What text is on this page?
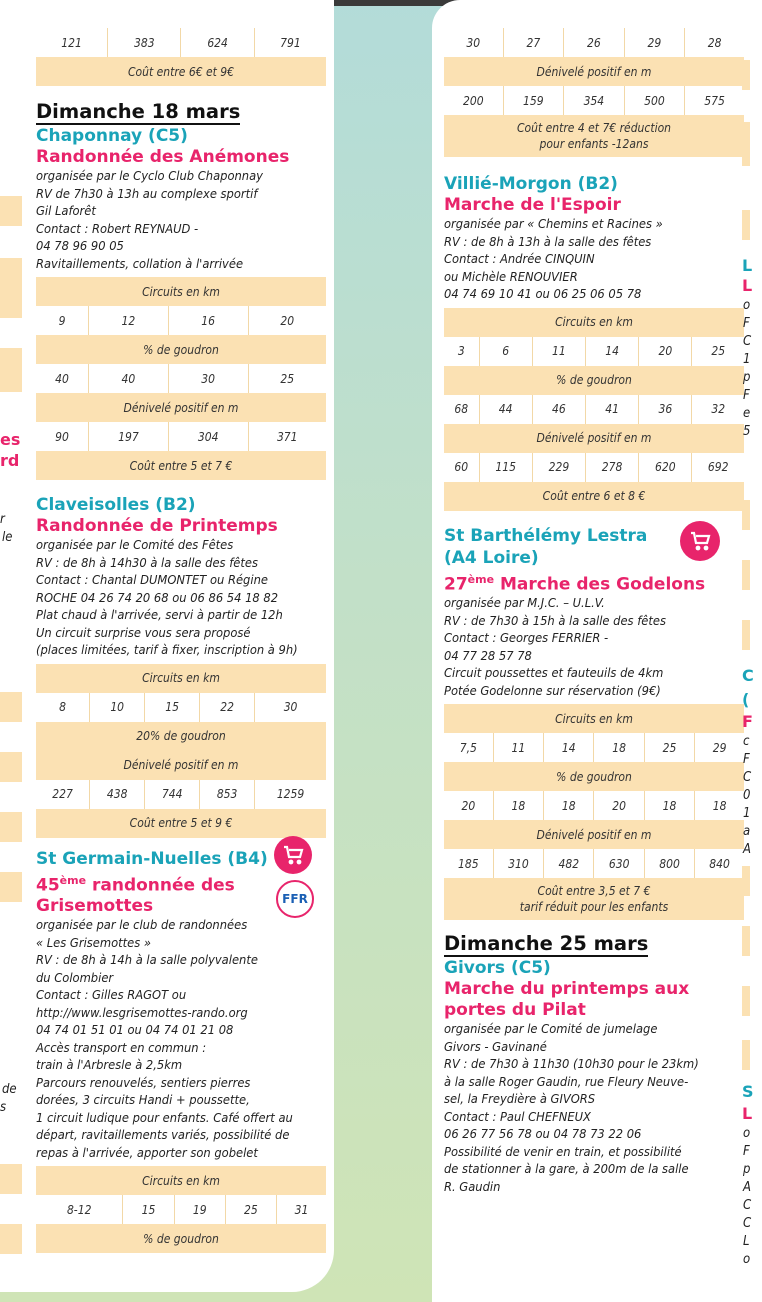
121	383	624	791
Coût entre 6€ et 9€
Dimanche 18 mars
Chaponnay (C5)
Randonnée des Anémones
organisée par le Cyclo Club Chaponnay
RV de 7h30 à 13h au complexe sportif
Gil Laforêt
Contact : Robert REYNAUD -
04 78 96 90 05
Ravitaillements, collation à l'arrivée
Circuits en km			
9	12	16	20
% de goudron			
40	40	30	25
Dénivelé positif en m			
90	197	304	371
Coût entre 5 et 7 €			
Claveisolles (B2)
Randonnée de Printemps
organisée par le Comité des Fêtes
RV : de 8h à 14h30 à la salle des fêtes
Contact : Chantal DUMONTET ou Régine
ROCHE 04 26 74 20 68 ou 06 86 54 18 82
Plat chaud à l'arrivée, servi à partir de 12h
Un circuit surprise vous sera proposé
(places limitées, tarif à fixer, inscription à 9h)
Circuits en km				
8	10	15	22	30
20% de goudron				
Dénivelé positif en m				
227	438	744	853	1259
Coût entre 5 et 9 €				
St Germain-Nuelles (B4)
45ème randonnée des
Grisemottes
organisée par le club de randonnées
« Les Grisemottes »
RV : de 8h à 14h à la salle polyvalente
du Colombier
Contact : Gilles RAGOT ou
http://www.lesgrisemottes-rando.org
04 74 01 51 01 ou 04 74 01 21 08
Accès transport en commun :
train à l'Arbresle à 2,5km
Parcours renouvelés, sentiers pierres
dorées, 3 circuits Handi + poussette,
1 circuit ludique pour enfants. Café offert au
départ, ravitaillements variés, possibilité de
repas à l'arrivée, apporter son gobelet
Circuits en km
8-12	15	19	25	31
% de goudron
FFR
es
rd
r
le
de
s
30	27	26	29	28
Dénivelé positif en m				
200	159	354	500	575

Coût entre 4 et 7€ réduction
pour enfants -12ans				
Villié-Morgon (B2)
Marche de l'Espoir
organisée par « Chemins et Racines »
RV : de 8h à 13h à la salle des fêtes
Contact : Andrée CINQUIN
ou Michèle RENOUVIER
04 74 69 10 41 ou 06 25 06 05 78
Circuits en km					
3	6	11	14	20	25
% de goudron					
68	44	46	41	36	32
Dénivelé positif en m					
60	115	229	278	620	692
Coût entre 6 et 8 €					
St Barthélémy Lestra
(A4 Loire)
27ème Marche des Godelons
organisée par M.J.C. – U.L.V.
RV : de 7h30 à 15h à la salle des fêtes
Contact : Georges FERRIER -
04 77 28 57 78
Circuit poussettes et fauteuils de 4km
Potée Godelonne sur réservation (9€)
Circuits en km					
7,5	11	14	18	25	29
% de goudron					
20	18	18	20	18	18
Dénivelé positif en m					
185	310	482	630	800	840

Coût entre 3,5 et 7 €
tarif réduit pour les enfants					
Dimanche 25 mars
Givors (C5)
Marche du printemps aux
portes du Pilat
organisée par le Comité de jumelage
Givors - Gavinané
RV : de 7h30 à 11h30 (10h30 pour le 23km)
à la salle Roger Gaudin, rue Fleury Neuve-
sel, la Freydière à GIVORS
Contact : Paul CHEFNEUX
06 26 77 56 78 ou 04 78 73 22 06
Possibilité de venir en train, et possibilité
de stationner à la gare, à 200m de la salle
R. Gaudin
L
L
o
F
C
1
p
F
e
5
C
(
F
c
F
C
0
1
a
A
S
L
o
F
p
A
C
C
L
o
